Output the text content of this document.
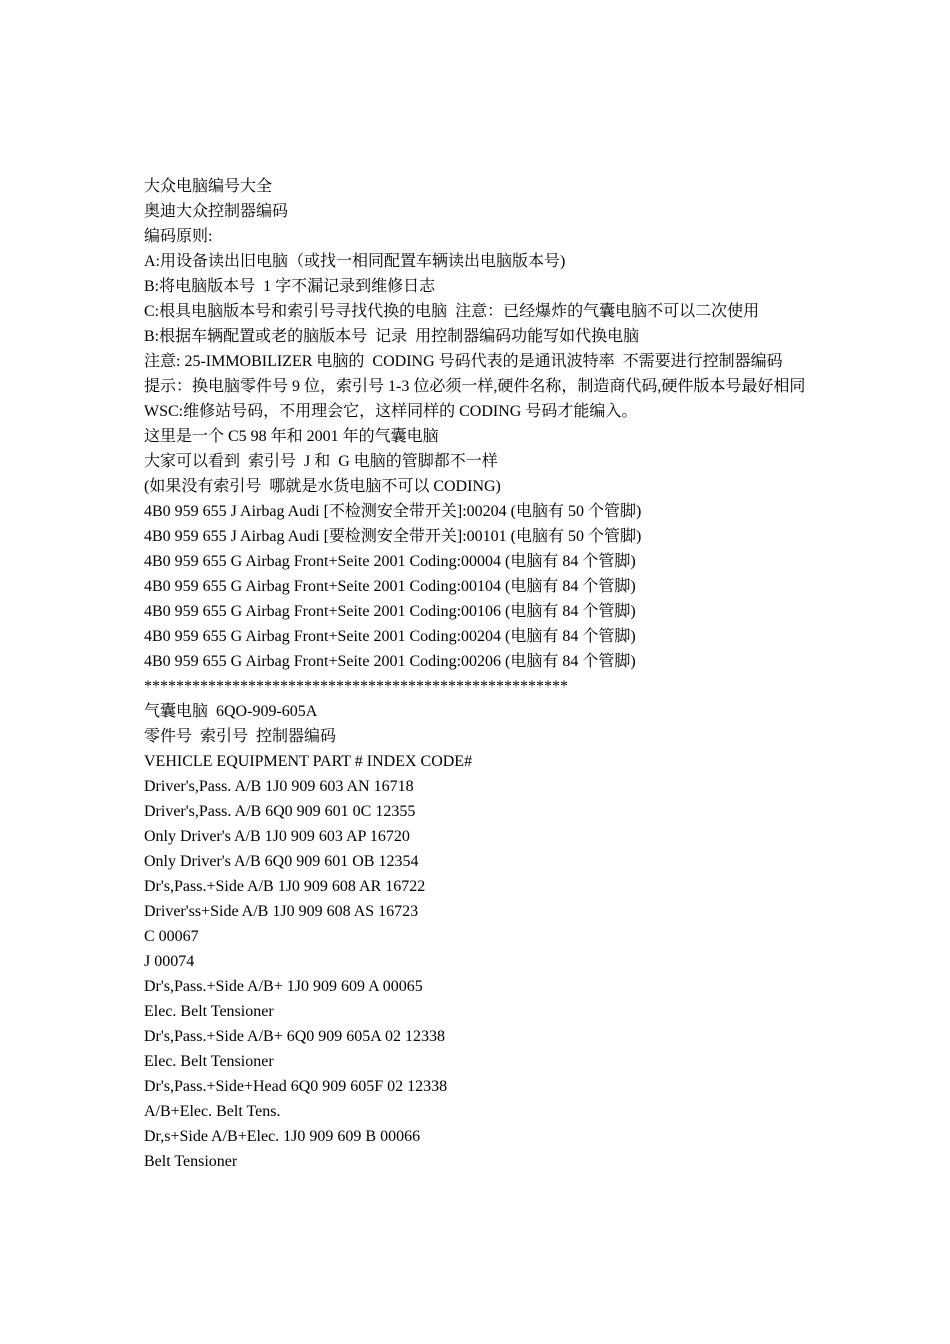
大众电脑编号大全

奥迪大众控制器编码

编码原则:

A:用设备读出旧电脑（或找一相同配置车辆读出电脑版本号)

B:将电脑版本号  1 字不漏记录到维修日志

C:根具电脑版本号和索引号寻找代换的电脑  注意：已经爆炸的气囊电脑不可以二次使用

B:根据车辆配置或老的脑版本号  记录  用控制器编码功能写如代换电脑

注意: 25-IMMOBILIZER 电脑的  CODING 号码代表的是通讯波特率  不需要进行控制器编码

提示：换电脑零件号 9 位，索引号 1-3 位必须一样,硬件名称，制造商代码,硬件版本号最好相同

WSC:维修站号码，不用理会它，这样同样的 CODING 号码才能编入。

这里是一个 C5 98 年和 2001 年的气囊电脑

大家可以看到  索引号  J 和  G 电脑的管脚都不一样

(如果没有索引号  哪就是水货电脑不可以 CODING)

4B0 959 655 J Airbag Audi [不检测安全带开关]:00204 (电脑有 50 个管脚)

4B0 959 655 J Airbag Audi [要检测安全带开关]:00101 (电脑有 50 个管脚)

4B0 959 655 G Airbag Front+Seite 2001 Coding:00004 (电脑有 84 个管脚)

4B0 959 655 G Airbag Front+Seite 2001 Coding:00104 (电脑有 84 个管脚)

4B0 959 655 G Airbag Front+Seite 2001 Coding:00106 (电脑有 84 个管脚)

4B0 959 655 G Airbag Front+Seite 2001 Coding:00204 (电脑有 84 个管脚)

4B0 959 655 G Airbag Front+Seite 2001 Coding:00206 (电脑有 84 个管脚)

*****************************************************

气囊电脑  6QO-909-605A

零件号  索引号  控制器编码

VEHICLE EQUIPMENT PART # INDEX CODE#

Driver's,Pass. A/B 1J0 909 603 AN 16718

Driver's,Pass. A/B 6Q0 909 601 0C 12355

Only Driver's A/B 1J0 909 603 AP 16720

Only Driver's A/B 6Q0 909 601 OB 12354

Dr's,Pass.+Side A/B 1J0 909 608 AR 16722

Driver'ss+Side A/B 1J0 909 608 AS 16723

C 00067

J 00074

Dr's,Pass.+Side A/B+ 1J0 909 609 A 00065

Elec. Belt Tensioner

Dr's,Pass.+Side A/B+ 6Q0 909 605A 02 12338

Elec. Belt Tensioner

Dr's,Pass.+Side+Head 6Q0 909 605F 02 12338

A/B+Elec. Belt Tens.

Dr,s+Side A/B+Elec. 1J0 909 609 B 00066

Belt Tensioner
